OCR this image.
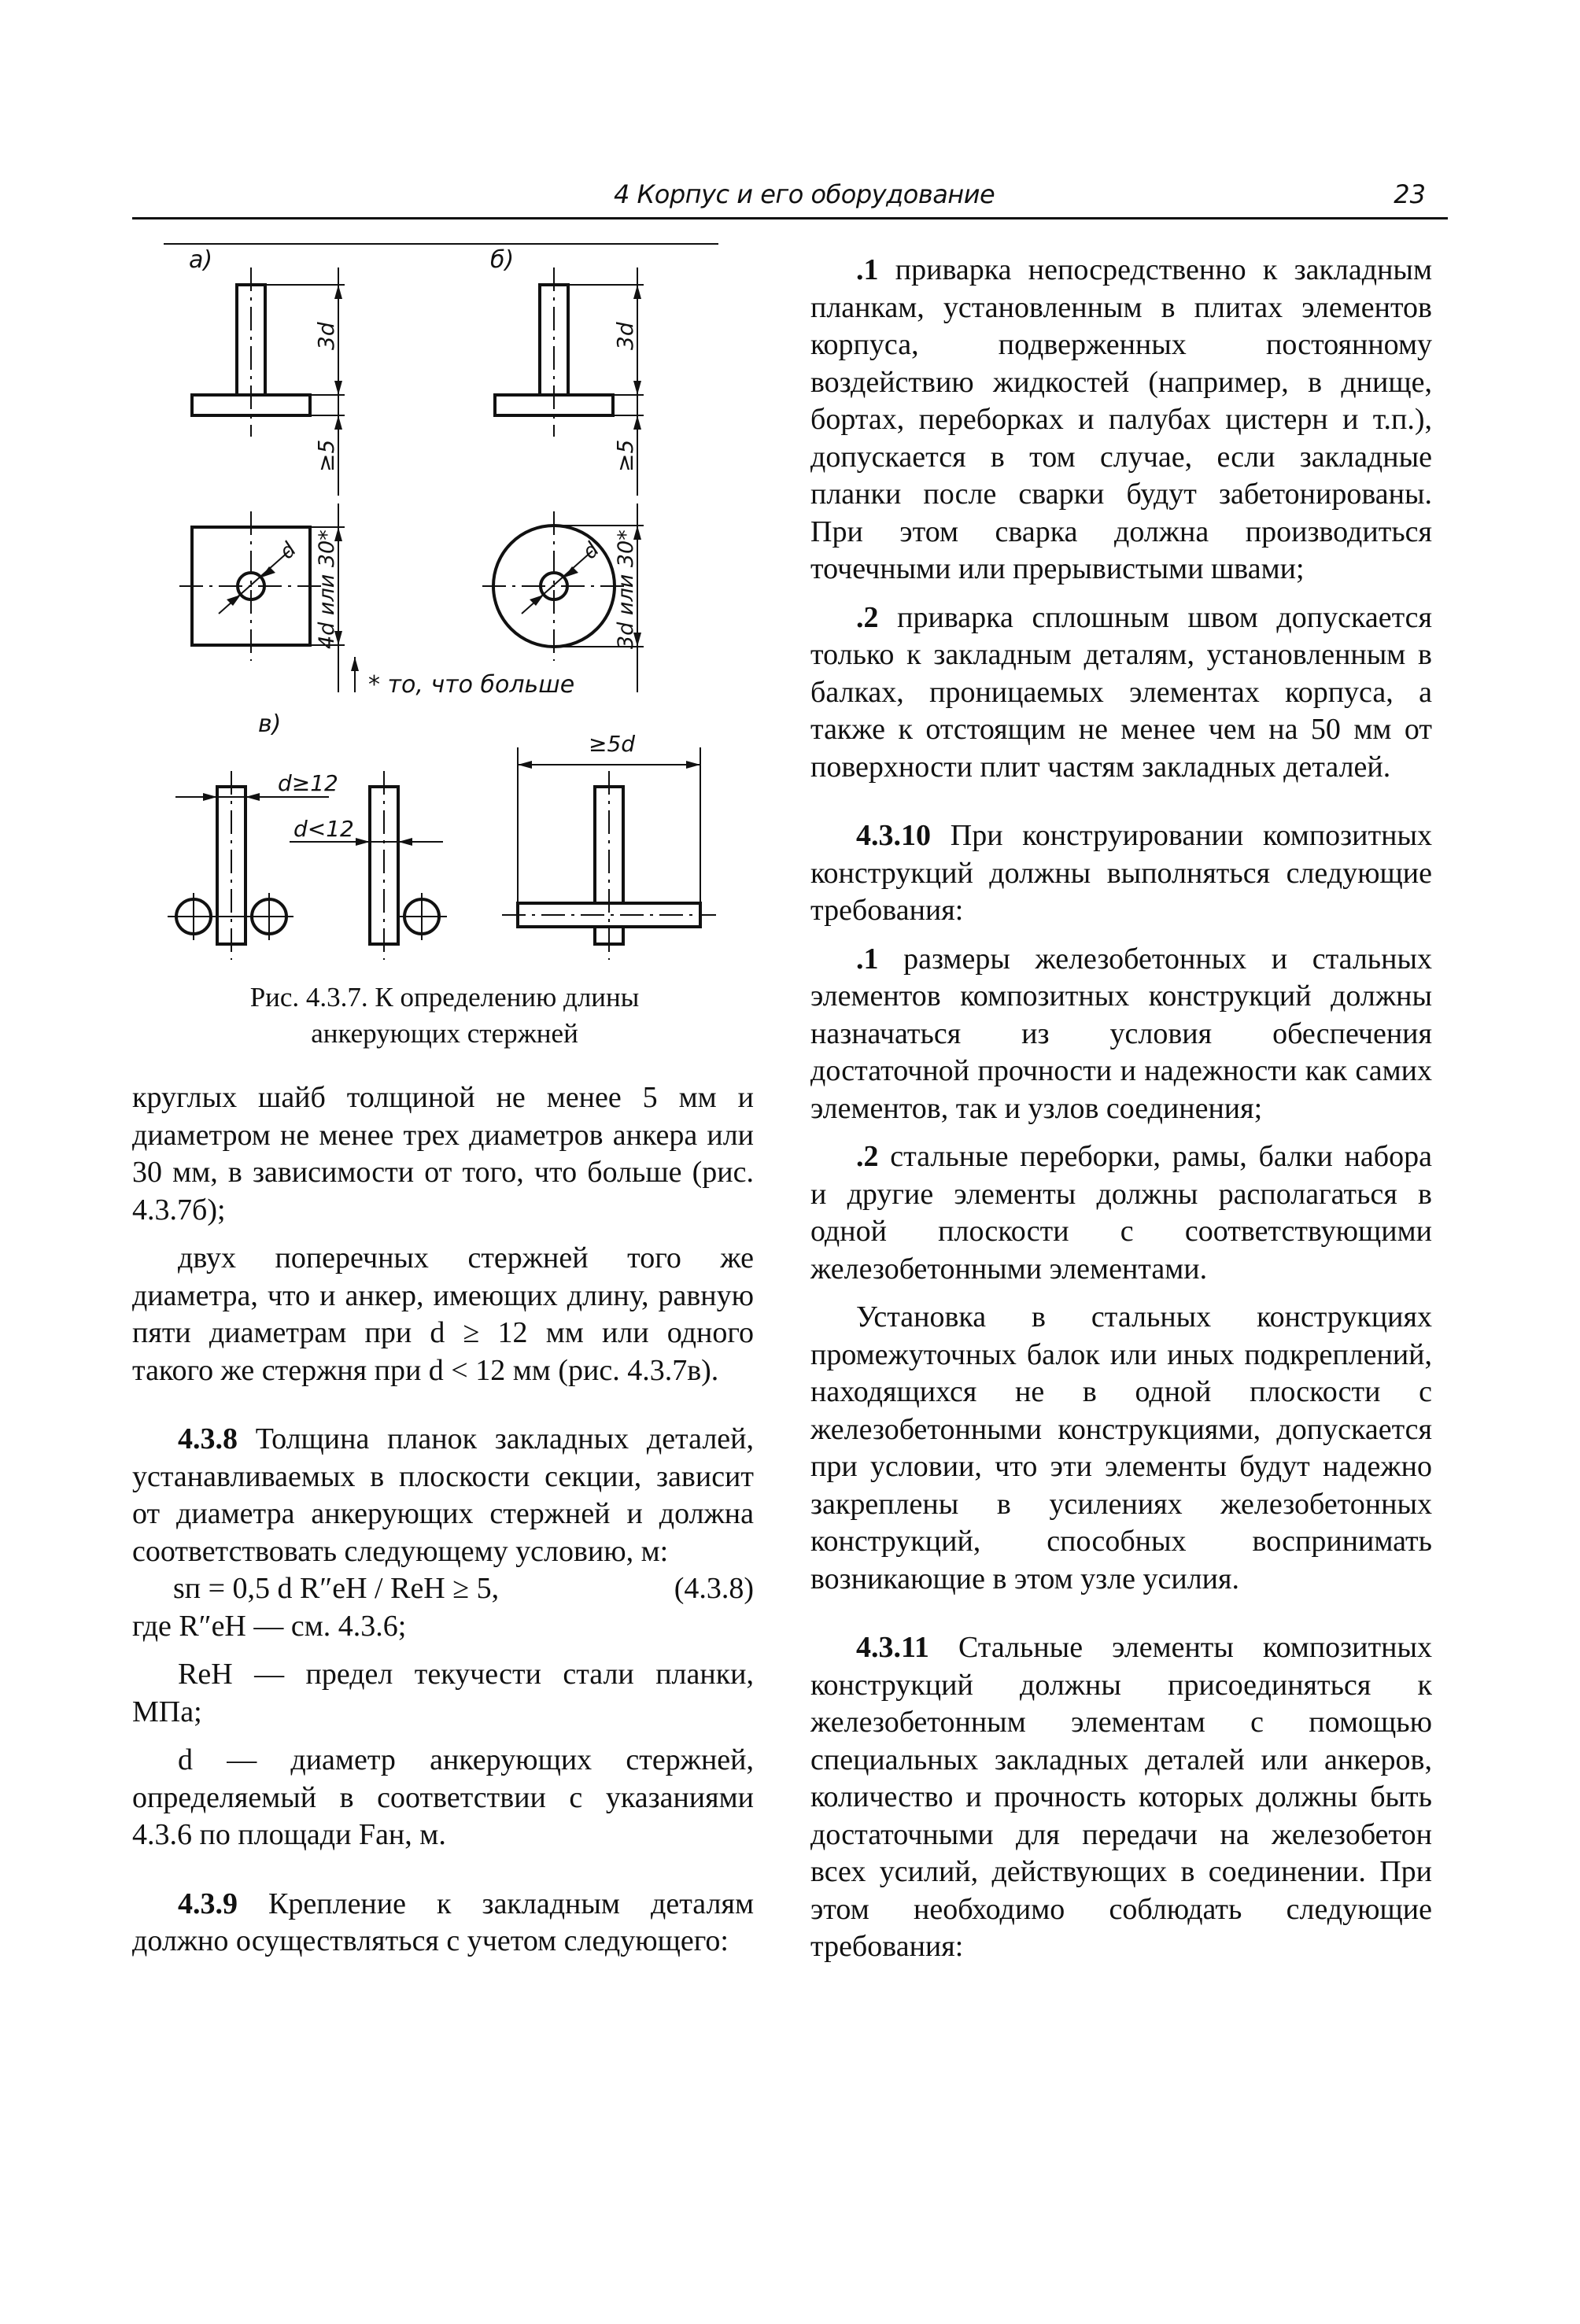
4 Корпус и его оборудование	23
а)
3d
≥5
б)
3d
≥5
d 4d или 30*	d 3d или 30*
* то, что больше
в)
d≥12
d<12
≥5d
Рис. 4.3.7. К определению длины
анкерующих стержней

круглых шайб толщиной не менее 5 мм и диаметром не менее трех диаметров анкера или 30 мм, в зависимости от того, что больше (рис. 4.3.7б);

двух поперечных стержней того же диаметра, что и анкер, имеющих длину, равную пяти диаметрам при d ≥ 12 мм или одного такого же стержня при d < 12 мм (рис. 4.3.7в).

4.3.8 Толщина планок закладных деталей, устанавливаемых в плоскости секции, зависит от диаметра анкерующих стержней и должна соответствовать следующему условию, м:

sп = 0,5 d R″eH / ReH ≥ 5,	(4.3.8)

где R″eH — см. 4.3.6;

ReH — предел текучести стали планки, МПа;

d — диаметр анкерующих стержней, определяемый в соответствии с указаниями 4.3.6 по площади Fан, м.

4.3.9 Крепление к закладным деталям должно осуществляться с учетом следующего:

.1 приварка непосредственно к закладным планкам, установленным в плитах элементов корпуса, подверженных постоянному воздействию жидкостей (например, в днище, бортах, переборках и палубах цистерн и т.п.), допускается в том случае, если закладные планки после сварки будут забетонированы. При этом сварка должна производиться точечными или прерывистыми швами;

.2 приварка сплошным швом допускается только к закладным деталям, установленным в балках, проницаемых элементах корпуса, а также к отстоящим не менее чем на 50 мм от поверхности плит частям закладных деталей.

4.3.10 При конструировании композитных конструкций должны выполняться следующие требования:

.1 размеры железобетонных и стальных элементов композитных конструкций должны назначаться из условия обеспечения достаточной прочности и надежности как самих элементов, так и узлов соединения;

.2 стальные переборки, рамы, балки набора и другие элементы должны располагаться в одной плоскости с соответствующими железобетонными элементами.

Установка в стальных конструкциях промежуточных балок или иных подкреплений, находящихся не в одной плоскости с железобетонными конструкциями, допускается при условии, что эти элементы будут надежно закреплены в усилениях железобетонных конструкций, способных воспринимать возникающие в этом узле усилия.

4.3.11 Стальные элементы композитных конструкций должны присоединяться к железобетонным элементам с помощью специальных закладных деталей или анкеров, количество и прочность которых должны быть достаточными для передачи на железобетон всех усилий, действующих в соединении. При этом необходимо соблюдать следующие требования:
